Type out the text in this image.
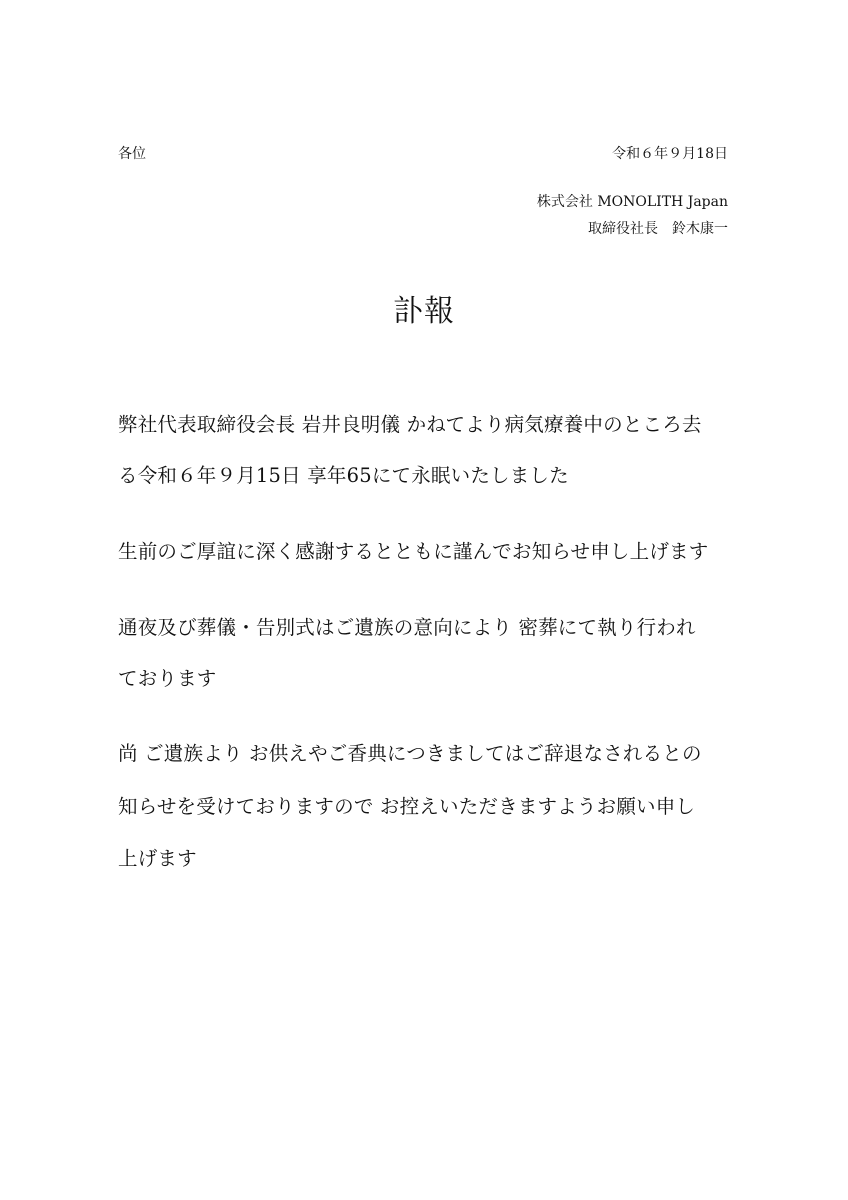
各位	令和６年９月18日
株式会社 MONOLITH Japan
取締役社長　鈴木康一
訃報
弊社代表取締役会長 岩井良明儀 かねてより病気療養中のところ去
る令和６年９月15日 享年65にて永眠いたしました
生前のご厚誼に深く感謝するとともに謹んでお知らせ申し上げます
通夜及び葬儀・告別式はご遺族の意向により 密葬にて執り行われ
ております
尚 ご遺族より お供えやご香典につきましてはご辞退なされるとの
知らせを受けておりますので お控えいただきますようお願い申し
上げます
